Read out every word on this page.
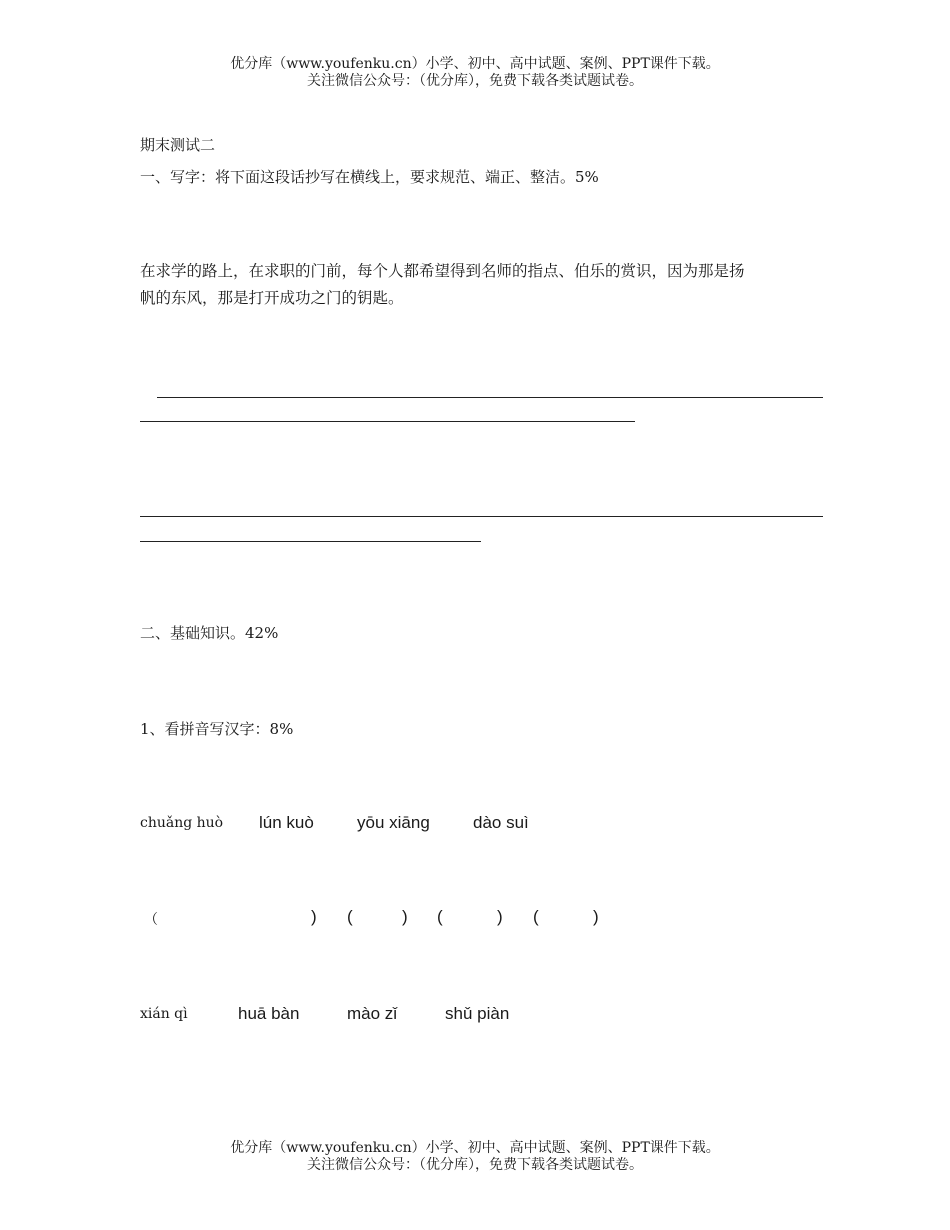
优分库（www.youfenku.cn）小学、初中、高中试题、案例、PPT课件下载。
关注微信公众号：（优分库），免费下载各类试题试卷。
期末测试二
一、写字：将下面这段话抄写在横线上，要求规范、端正、整洁。5%
在求学的路上，在求职的门前，每个人都希望得到名师的指点、伯乐的赏识，因为那是扬
帆的东风，那是打开成功之门的钥匙。
二、基础知识。42%
1、看拼音写汉字：8%
chuǎng huò lún kuò	yōu xiāng	dào suì
（	) (	) (	) (	)
xián qì	huā bàn	mào zǐ	shǔ piàn
优分库（www.youfenku.cn）小学、初中、高中试题、案例、PPT课件下载。
关注微信公众号：（优分库），免费下载各类试题试卷。
